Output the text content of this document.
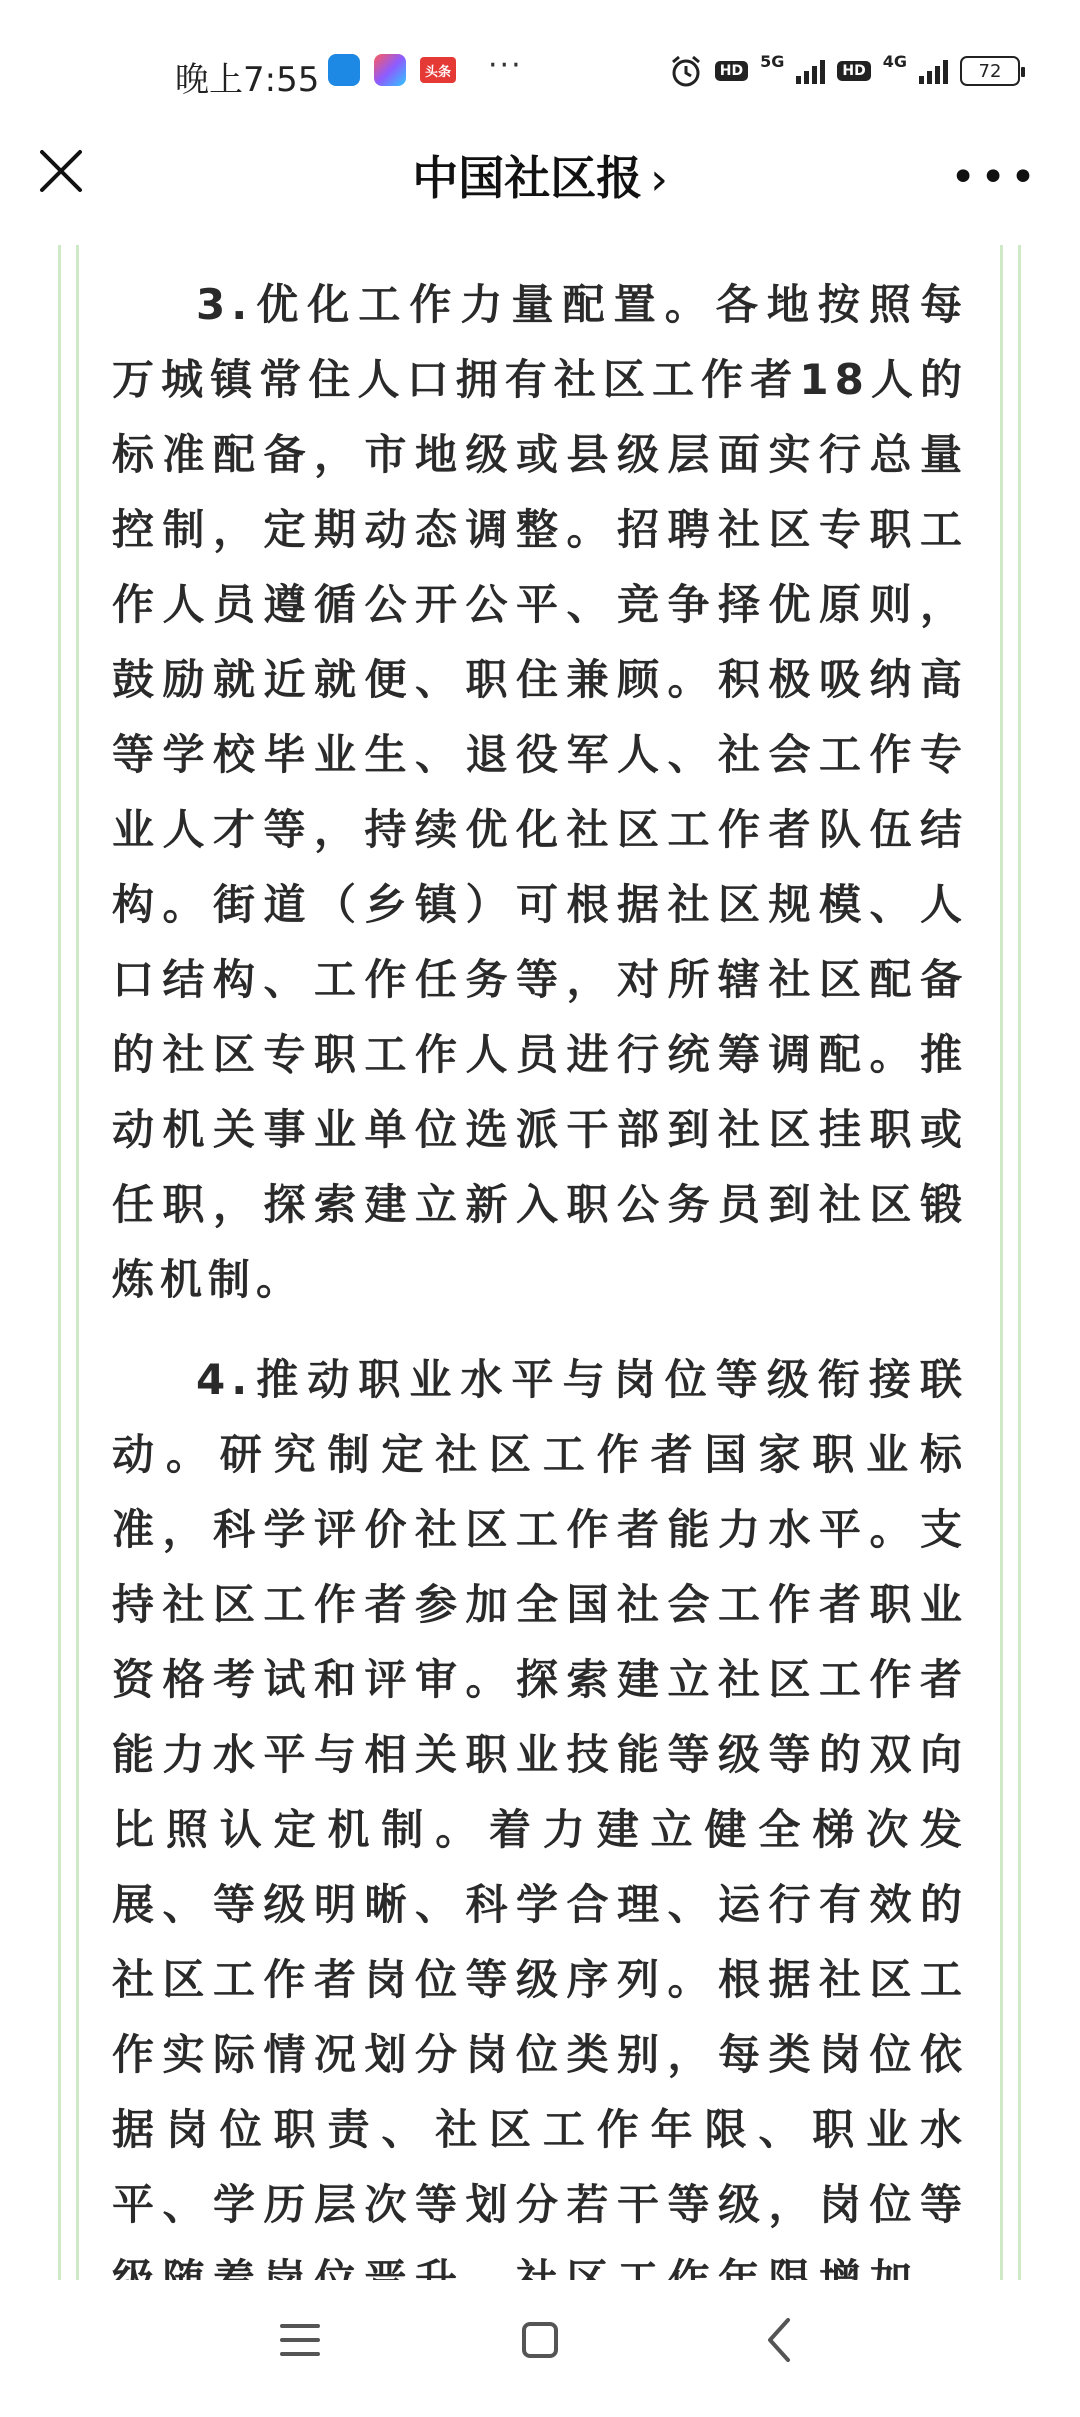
晚上7:55	头条 ···	HD
5G
HD
4G	72
中国社区报 ›	•••

3.优化工作力量配置。各地按照每万城镇常住人口拥有社区工作者18人的标准配备，市地级或县级层面实行总量控制，定期动态调整。招聘社区专职工作人员遵循公开公平、竞争择优原则，鼓励就近就便、职住兼顾。积极吸纳高等学校毕业生、退役军人、社会工作专业人才等，持续优化社区工作者队伍结构。街道（乡镇）可根据社区规模、人口结构、工作任务等，对所辖社区配备的社区专职工作人员进行统筹调配。推动机关事业单位选派干部到社区挂职或任职，探索建立新入职公务员到社区锻炼机制。

4.推动职业水平与岗位等级衔接联动。研究制定社区工作者国家职业标准，科学评价社区工作者能力水平。支持社区工作者参加全国社会工作者职业资格考试和评审。探索建立社区工作者能力水平与相关职业技能等级等的双向比照认定机制。着力建立健全梯次发展、等级明晰、科学合理、运行有效的社区工作者岗位等级序列。根据社区工作实际情况划分岗位类别，每类岗位依据岗位职责、社区工作年限、职业水平、学历层次等划分若干等级，岗位等
